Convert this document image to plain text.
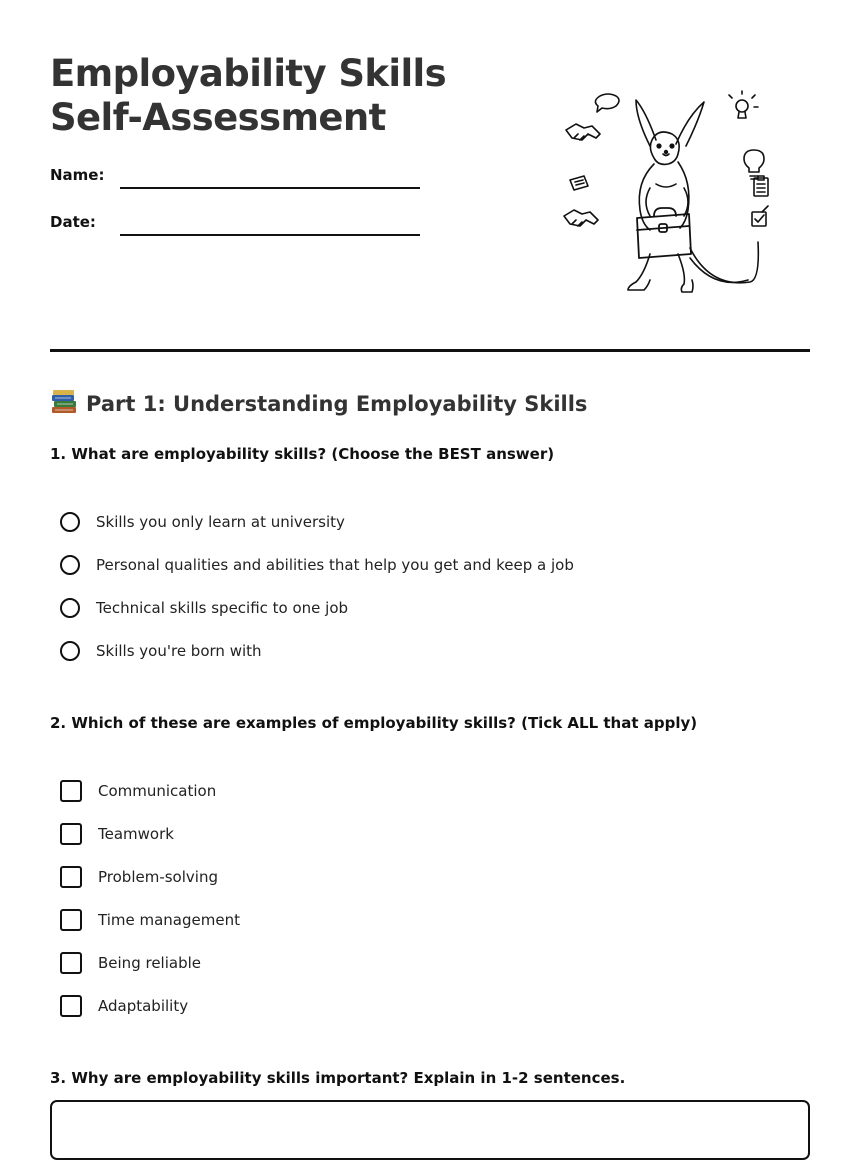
Employability Skills
Self-Assessment
Name:
Date:
Part 1: Understanding Employability Skills
1. What are employability skills? (Choose the BEST answer)
Skills you only learn at university
Personal qualities and abilities that help you get and keep a job
Technical skills specific to one job
Skills you're born with
2. Which of these are examples of employability skills? (Tick ALL that apply)
Communication
Teamwork
Problem-solving
Time management
Being reliable
Adaptability
3. Why are employability skills important? Explain in 1-2 sentences.
